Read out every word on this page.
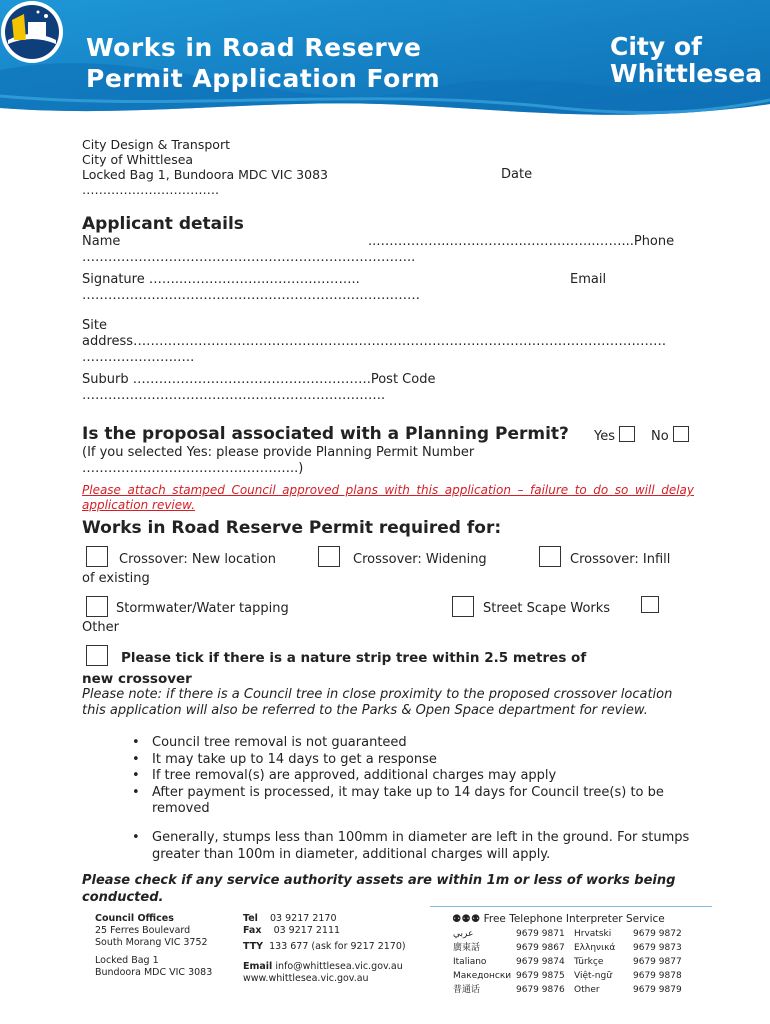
Works in Road Reserve
Permit Application Form
City of
Whittlesea
City Design & Transport
City of Whittlesea
Locked Bag 1, Bundoora MDC VIC 3083
…….………………….….
Date
Applicant details
Name	..……………..…….………..……..……..……...Phone
…………………………………………………………………..
Signature ……..………………..……….………..	Email
……………………………………………………………………
Site
address……………………………………………………………………………………………………………
………………….….
Suburb ……………………………………………….Post Code
…………………………………………………………….
Is the proposal associated with a Planning Permit? Yes	No
(If you selected Yes: please provide Planning Permit Number
…………………………………………..)
Please attach stamped Council approved plans with this application – failure to do so will delay application review.
Works in Road Reserve Permit required for:
Crossover: New location	Crossover: Widening	Crossover: Infill
of existing
Stormwater/Water tapping	Street Scape Works
Other
Please tick if there is a nature strip tree within 2.5 metres of
new crossover
Please note: if there is a Council tree in close proximity to the proposed crossover location this application will also be referred to the Parks & Open Space department for review.
• Council tree removal is not guaranteed
• It may take up to 14 days to get a response
• If tree removal(s) are approved, additional charges may apply
• After payment is processed, it may take up to 14 days for Council tree(s) to be removed
• Generally, stumps less than 100mm in diameter are left in the ground. For stumps greater than 100m in diameter, additional charges will apply.
Please check if any service authority assets are within 1m or less of works being conducted.
Council Offices
25 Ferres Boulevard
South Morang VIC 3752
Locked Bag 1
Bundoora MDC VIC 3083
Tel 03 9217 2170
Fax 03 9217 2111
TTY 133 677 (ask for 9217 2170)
Email info@whittlesea.vic.gov.au
www.whittlesea.vic.gov.au
⚉⚉⚉ Free Telephone Interpreter Service
عربي	9679 9871	Hrvatski	9679 9872
廣東話	9679 9867	Ελληνικά	9679 9873
Italiano	9679 9874	Türkçe	9679 9877
Македонски	9679 9875	Việt-ngữ	9679 9878
普通话	9679 9876	Other	9679 9879
